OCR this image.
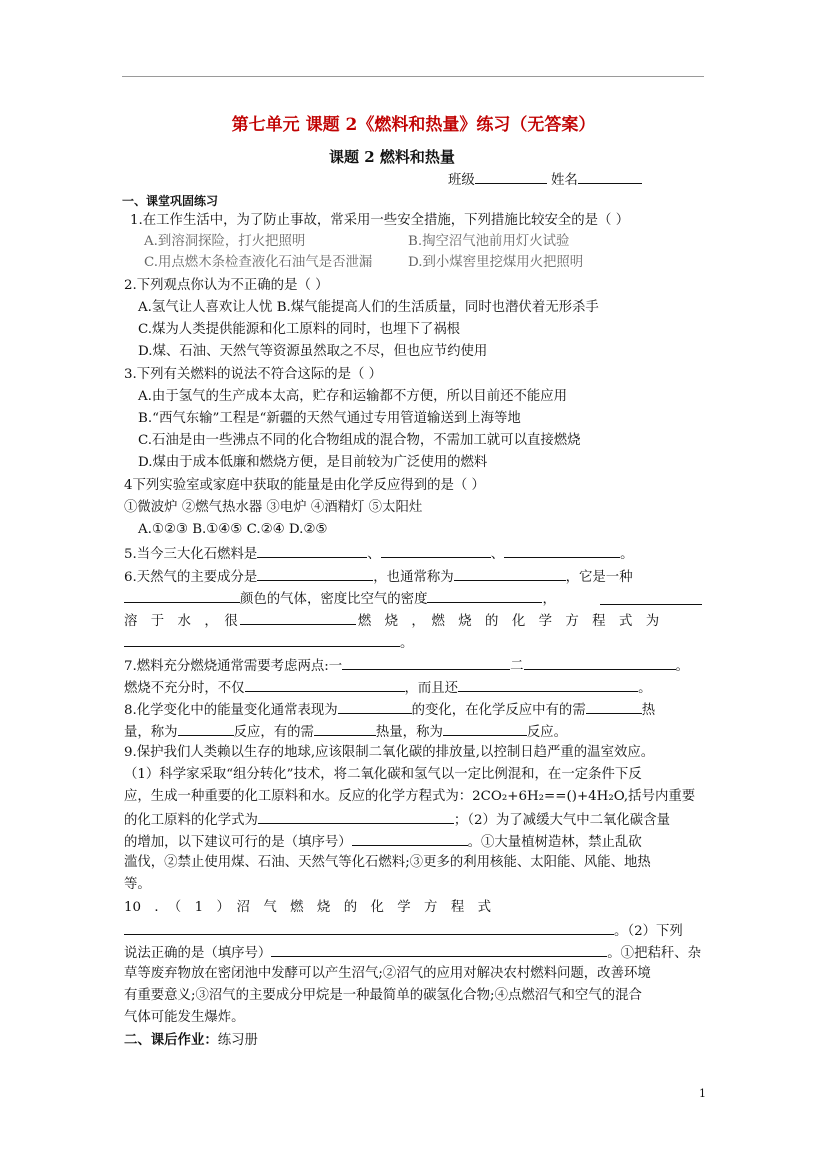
第七单元 课题 2《燃料和热量》练习（无答案）
课题 2 燃料和热量
班级	姓名
一、课堂巩固练习
1.在工作生活中，为了防止事故，常采用一些安全措施，下列措施比较安全的是（ ）
A.到溶洞探险，打火把照明	B.掏空沼气池前用灯火试验
C.用点燃木条检查液化石油气是否泄漏	D.到小煤窖里挖煤用火把照明
2.下列观点你认为不正确的是（ ）
A.氢气让人喜欢让人忧 B.煤气能提高人们的生活质量，同时也潜伏着无形杀手
C.煤为人类提供能源和化工原料的同时，也埋下了祸根
D.煤、石油、天然气等资源虽然取之不尽，但也应节约使用
3.下列有关燃料的说法不符合这际的是（ ）
A.由于氢气的生产成本太高，贮存和运输都不方便，所以目前还不能应用
B.“西气东输”工程是“新疆的天然气通过专用管道输送到上海等地
C.石油是由一些沸点不同的化合物组成的混合物，不需加工就可以直接燃烧
D.煤由于成本低廉和燃烧方便，是目前较为广泛使用的燃料
4下列实验室或家庭中获取的能量是由化学反应得到的是（ ）
①微波炉 ②燃气热水器 ③电炉 ④酒精灯 ⑤太阳灶
A.①②③ B.①④⑤ C.②④ D.②⑤
5.当今三大化石燃料是	、	、	。
6.天然气的主要成分是	，也通常称为	，它是一种
颜色的气体，密度比空气的密度	，
溶　于　水　，　很	燃　烧　，　燃　烧　的　化　学　方　程　式　为
。
7.燃料充分燃烧通常需要考虑两点:一	二	。
燃烧不充分时，不仅	，而且还	。
8.化学变化中的能量变化通常表现为	的变化，在化学反应中有的需	热
量，称为	反应，有的需	热量，称为	反应。
9.保护我们人类赖以生存的地球,应该限制二氧化碳的排放量,以控制日趋严重的温室效应。
（1）科学家采取“组分转化”技术，将二氧化碳和氢气以一定比例混和，在一定条件下反
应，生成一种重要的化工原料和水。反应的化学方程式为：2CO₂+6H₂==()+4H₂O,括号内重要
的化工原料的化学式为	；（2）为了减缓大气中二氧化碳含量
的增加，以下建议可行的是（填序号）	。①大量植树造林，禁止乱砍
滥伐，②禁止使用煤、石油、天然气等化石燃料;③更多的利用核能、太阳能、风能、地热
等。
10　．　（　1　）　沼　气　燃　烧　的　化　学　方　程　式
。（2）下列
说法正确的是（填序号）	。①把秸秆、杂
草等废弃物放在密闭池中发酵可以产生沼气;②沼气的应用对解决农村燃料问题，改善环境
有重要意义;③沼气的主要成分甲烷是一种最简单的碳氢化合物;④点燃沼气和空气的混合
气体可能发生爆炸。
二、课后作业：练习册
1
